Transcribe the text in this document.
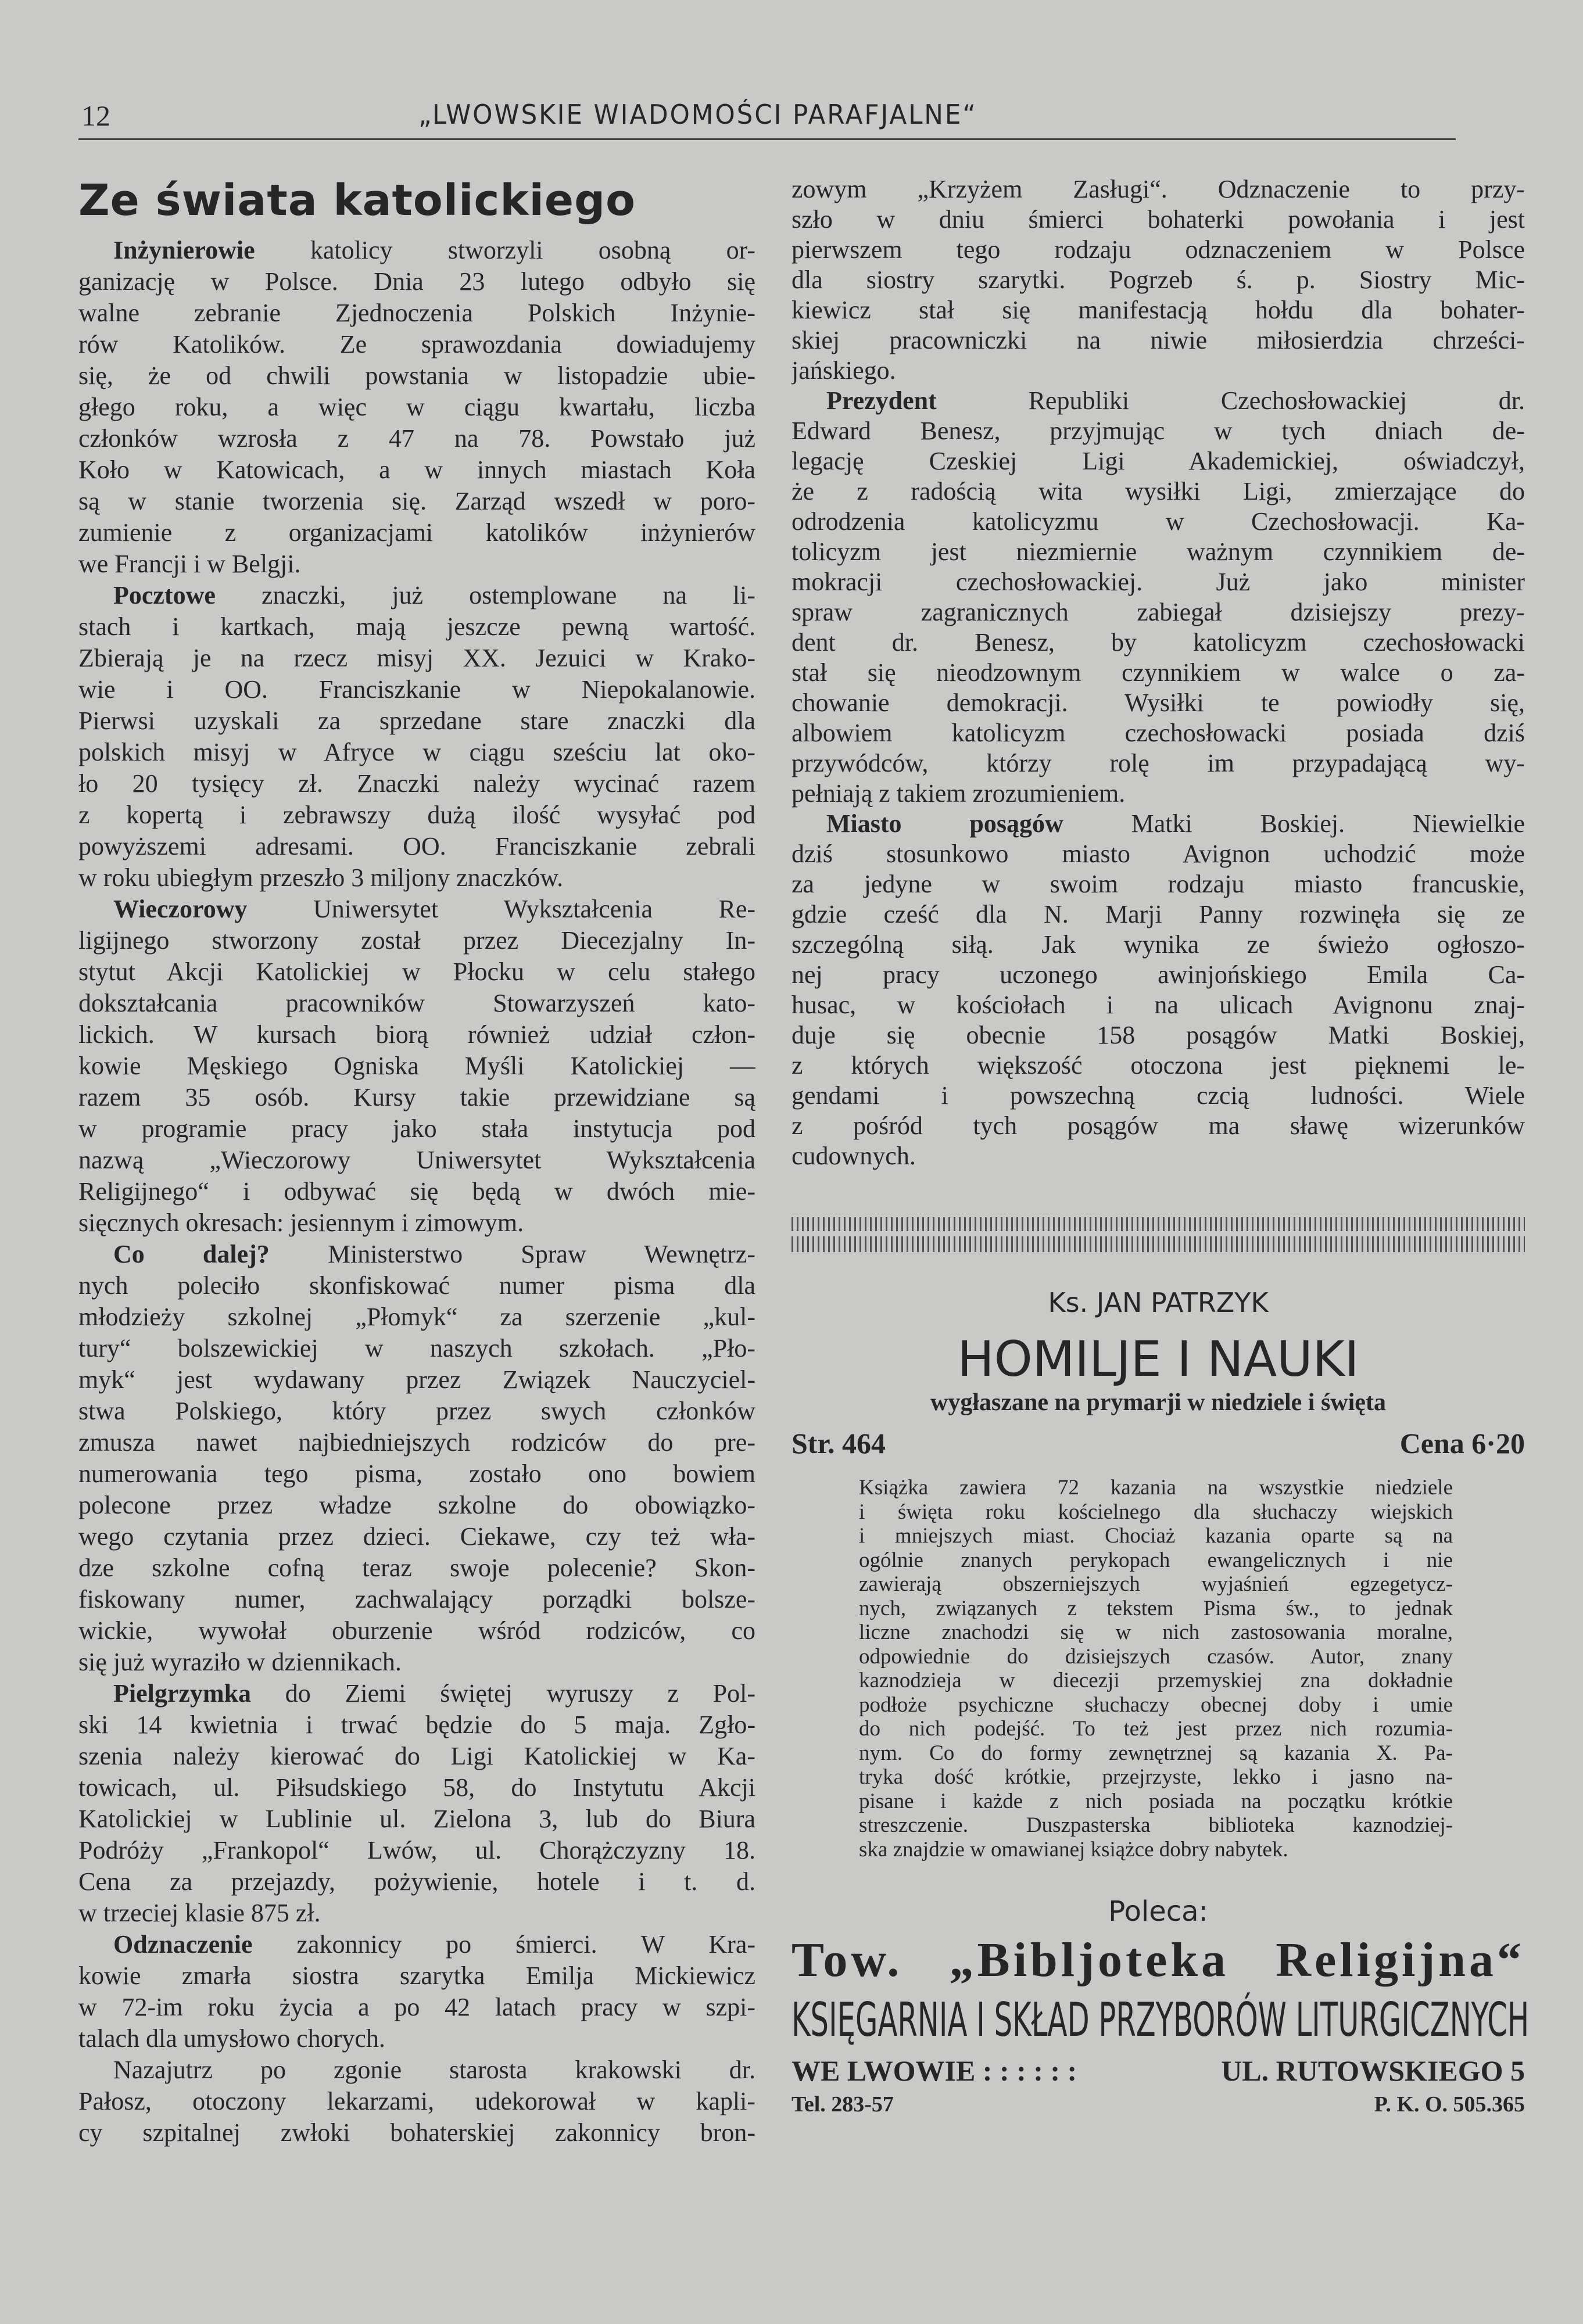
12	„LWOWSKIE WIADOMOŚCI PARAFJALNE“
Ze świata katolickiego
Inżynierowie katolicy stworzyli osobną or-
ganizację w Polsce. Dnia 23 lutego odbyło się
walne zebranie Zjednoczenia Polskich Inżynie-
rów Katolików. Ze sprawozdania dowiadujemy
się, że od chwili powstania w listopadzie ubie-
głego roku, a więc w ciągu kwartału, liczba
członków wzrosła z 47 na 78. Powstało już
Koło w Katowicach, a w innych miastach Koła
są w stanie tworzenia się. Zarząd wszedł w poro-
zumienie z organizacjami katolików inżynierów
we Francji i w Belgji.
Pocztowe znaczki, już ostemplowane na li-
stach i kartkach, mają jeszcze pewną wartość.
Zbierają je na rzecz misyj XX. Jezuici w Krako-
wie i OO. Franciszkanie w Niepokalanowie.
Pierwsi uzyskali za sprzedane stare znaczki dla
polskich misyj w Afryce w ciągu sześciu lat oko-
ło 20 tysięcy zł. Znaczki należy wycinać razem
z kopertą i zebrawszy dużą ilość wysyłać pod
powyższemi adresami. OO. Franciszkanie zebrali
w roku ubiegłym przeszło 3 miljony znaczków.
Wieczorowy Uniwersytet Wykształcenia Re-
ligijnego stworzony został przez Diecezjalny In-
stytut Akcji Katolickiej w Płocku w celu stałego
dokształcania pracowników Stowarzyszeń kato-
lickich. W kursach biorą również udział człon-
kowie Męskiego Ogniska Myśli Katolickiej —
razem 35 osób. Kursy takie przewidziane są
w programie pracy jako stała instytucja pod
nazwą „Wieczorowy Uniwersytet Wykształcenia
Religijnego“ i odbywać się będą w dwóch mie-
sięcznych okresach: jesiennym i zimowym.
Co dalej? Ministerstwo Spraw Wewnętrz-
nych poleciło skonfiskować numer pisma dla
młodzieży szkolnej „Płomyk“ za szerzenie „kul-
tury“ bolszewickiej w naszych szkołach. „Pło-
myk“ jest wydawany przez Związek Nauczyciel-
stwa Polskiego, który przez swych członków
zmusza nawet najbiedniejszych rodziców do pre-
numerowania tego pisma, zostało ono bowiem
polecone przez władze szkolne do obowiązko-
wego czytania przez dzieci. Ciekawe, czy też wła-
dze szkolne cofną teraz swoje polecenie? Skon-
fiskowany numer, zachwalający porządki bolsze-
wickie, wywołał oburzenie wśród rodziców, co
się już wyraziło w dziennikach.
Pielgrzymka do Ziemi świętej wyruszy z Pol-
ski 14 kwietnia i trwać będzie do 5 maja. Zgło-
szenia należy kierować do Ligi Katolickiej w Ka-
towicach, ul. Piłsudskiego 58, do Instytutu Akcji
Katolickiej w Lublinie ul. Zielona 3, lub do Biura
Podróży „Frankopol“ Lwów, ul. Chorążczyzny 18.
Cena za przejazdy, pożywienie, hotele i t. d.
w trzeciej klasie 875 zł.
Odznaczenie zakonnicy po śmierci. W Kra-
kowie zmarła siostra szarytka Emilja Mickiewicz
w 72-im roku życia a po 42 latach pracy w szpi-
talach dla umysłowo chorych.
Nazajutrz po zgonie starosta krakowski dr.
Pałosz, otoczony lekarzami, udekorował w kapli-
cy szpitalnej zwłoki bohaterskiej zakonnicy bron-
zowym „Krzyżem Zasługi“. Odznaczenie to przy-
szło w dniu śmierci bohaterki powołania i jest
pierwszem tego rodzaju odznaczeniem w Polsce
dla siostry szarytki. Pogrzeb ś. p. Siostry Mic-
kiewicz stał się manifestacją hołdu dla bohater-
skiej pracowniczki na niwie miłosierdzia chrześci-
jańskiego.
Prezydent Republiki Czechosłowackiej dr.
Edward Benesz, przyjmując w tych dniach de-
legację Czeskiej Ligi Akademickiej, oświadczył,
że z radością wita wysiłki Ligi, zmierzające do
odrodzenia katolicyzmu w Czechosłowacji. Ka-
tolicyzm jest niezmiernie ważnym czynnikiem de-
mokracji czechosłowackiej. Już jako minister
spraw zagranicznych zabiegał dzisiejszy prezy-
dent dr. Benesz, by katolicyzm czechosłowacki
stał się nieodzownym czynnikiem w walce o za-
chowanie demokracji. Wysiłki te powiodły się,
albowiem katolicyzm czechosłowacki posiada dziś
przywódców, którzy rolę im przypadającą wy-
pełniają z takiem zrozumieniem.
Miasto posągów Matki Boskiej. Niewielkie
dziś stosunkowo miasto Avignon uchodzić może
za jedyne w swoim rodzaju miasto francuskie,
gdzie cześć dla N. Marji Panny rozwinęła się ze
szczególną siłą. Jak wynika ze świeżo ogłoszo-
nej pracy uczonego awinjońskiego Emila Ca-
husac, w kościołach i na ulicach Avignonu znaj-
duje się obecnie 158 posągów Matki Boskiej,
z których większość otoczona jest pięknemi le-
gendami i powszechną czcią ludności. Wiele
z pośród tych posągów ma sławę wizerunków
cudownych.
Ks. JAN PATRZYK
HOMILJE I NAUKI
wygłaszane na prymarji w niedziele i święta
Str. 464	Cena 6·20
Książka zawiera 72 kazania na wszystkie niedziele
i święta roku kościelnego dla słuchaczy wiejskich
i mniejszych miast. Chociaż kazania oparte są na
ogólnie znanych perykopach ewangelicznych i nie
zawierają obszerniejszych wyjaśnień egzegetycz-
nych, związanych z tekstem Pisma św., to jednak
liczne znachodzi się w nich zastosowania moralne,
odpowiednie do dzisiejszych czasów. Autor, znany
kaznodzieja w diecezji przemyskiej zna dokładnie
podłoże psychiczne słuchaczy obecnej doby i umie
do nich podejść. To też jest przez nich rozumia-
nym. Co do formy zewnętrznej są kazania X. Pa-
tryka dość krótkie, przejrzyste, lekko i jasno na-
pisane i każde z nich posiada na początku krótkie
streszczenie. Duszpasterska biblioteka kaznodziej-
ska znajdzie w omawianej książce dobry nabytek.
Poleca:
Tow. „Bibljoteka Religijna“
KSIĘGARNIA I SKŁAD PRZYBORÓW LITURGICZNYCH
WE LWOWIE : : : : : :	UL. RUTOWSKIEGO 5
Tel. 283-57	P. K. O. 505.365
